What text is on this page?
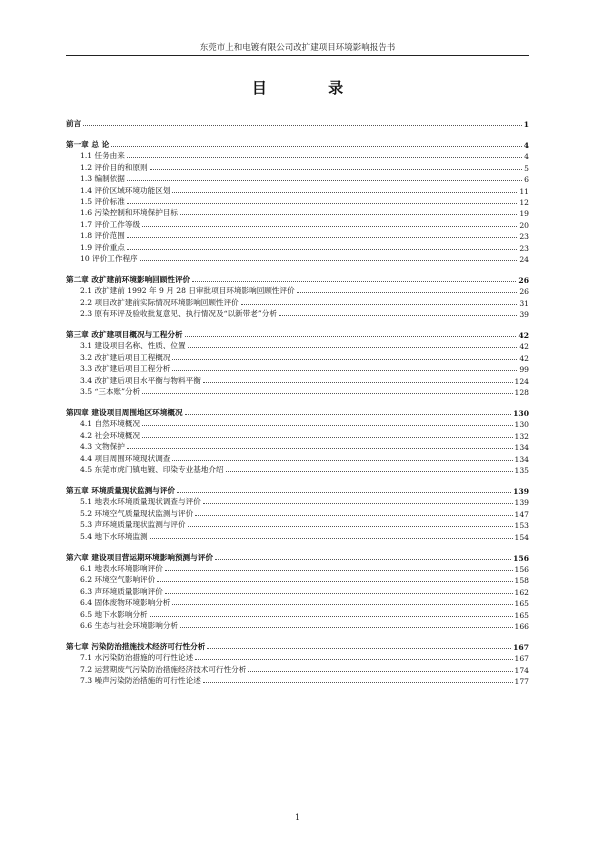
东莞市上和电镀有限公司改扩建项目环境影响报告书
目 录
前言	1
第一章 总 论	4
1.1 任务由来	4
1.2 评价目的和原则	5
1.3 编制依据	6
1.4 评价区域环境功能区划	11
1.5 评价标准	12
1.6 污染控制和环境保护目标	19
1.7 评价工作等级	20
1.8 评价范围	23
1.9 评价重点	23
10 评价工作程序	24
第二章 改扩建前环境影响回顾性评价	26
2.1 改扩建前 1992 年 9 月 28 日审批项目环境影响回顾性评价	26
2.2 项目改扩建前实际情况环境影响回顾性评价	31
2.3 原有环评及验收批复意见、执行情况及“以新带老”分析	39
第三章 改扩建项目概况与工程分析	42
3.1 建设项目名称、性质、位置	42
3.2 改扩建后项目工程概况	42
3.3 改扩建后项目工程分析	99
3.4 改扩建后项目水平衡与物料平衡	124
3.5 “三本账”分析	128
第四章 建设项目周围地区环境概况	130
4.1 自然环境概况	130
4.2 社会环境概况	132
4.3 文物保护	134
4.4 项目周围环境现状调查	134
4.5 东莞市虎门镇电镀、印染专业基地介绍	135
第五章 环境质量现状监测与评价	139
5.1 地表水环境质量现状调查与评价	139
5.2 环境空气质量现状监测与评价	147
5.3 声环境质量现状监测与评价	153
5.4 地下水环境监测	154
第六章 建设项目营运期环境影响预测与评价	156
6.1 地表水环境影响评价	156
6.2 环境空气影响评价	158
6.3 声环境质量影响评价	162
6.4 固体废物环境影响分析	165
6.5 地下水影响分析	165
6.6 生态与社会环境影响分析	166
第七章 污染防治措施技术经济可行性分析	167
7.1 水污染防治措施的可行性论述	167
7.2 运营期废气污染防治措施经济技术可行性分析	174
7.3 噪声污染防治措施的可行性论述	177
1
